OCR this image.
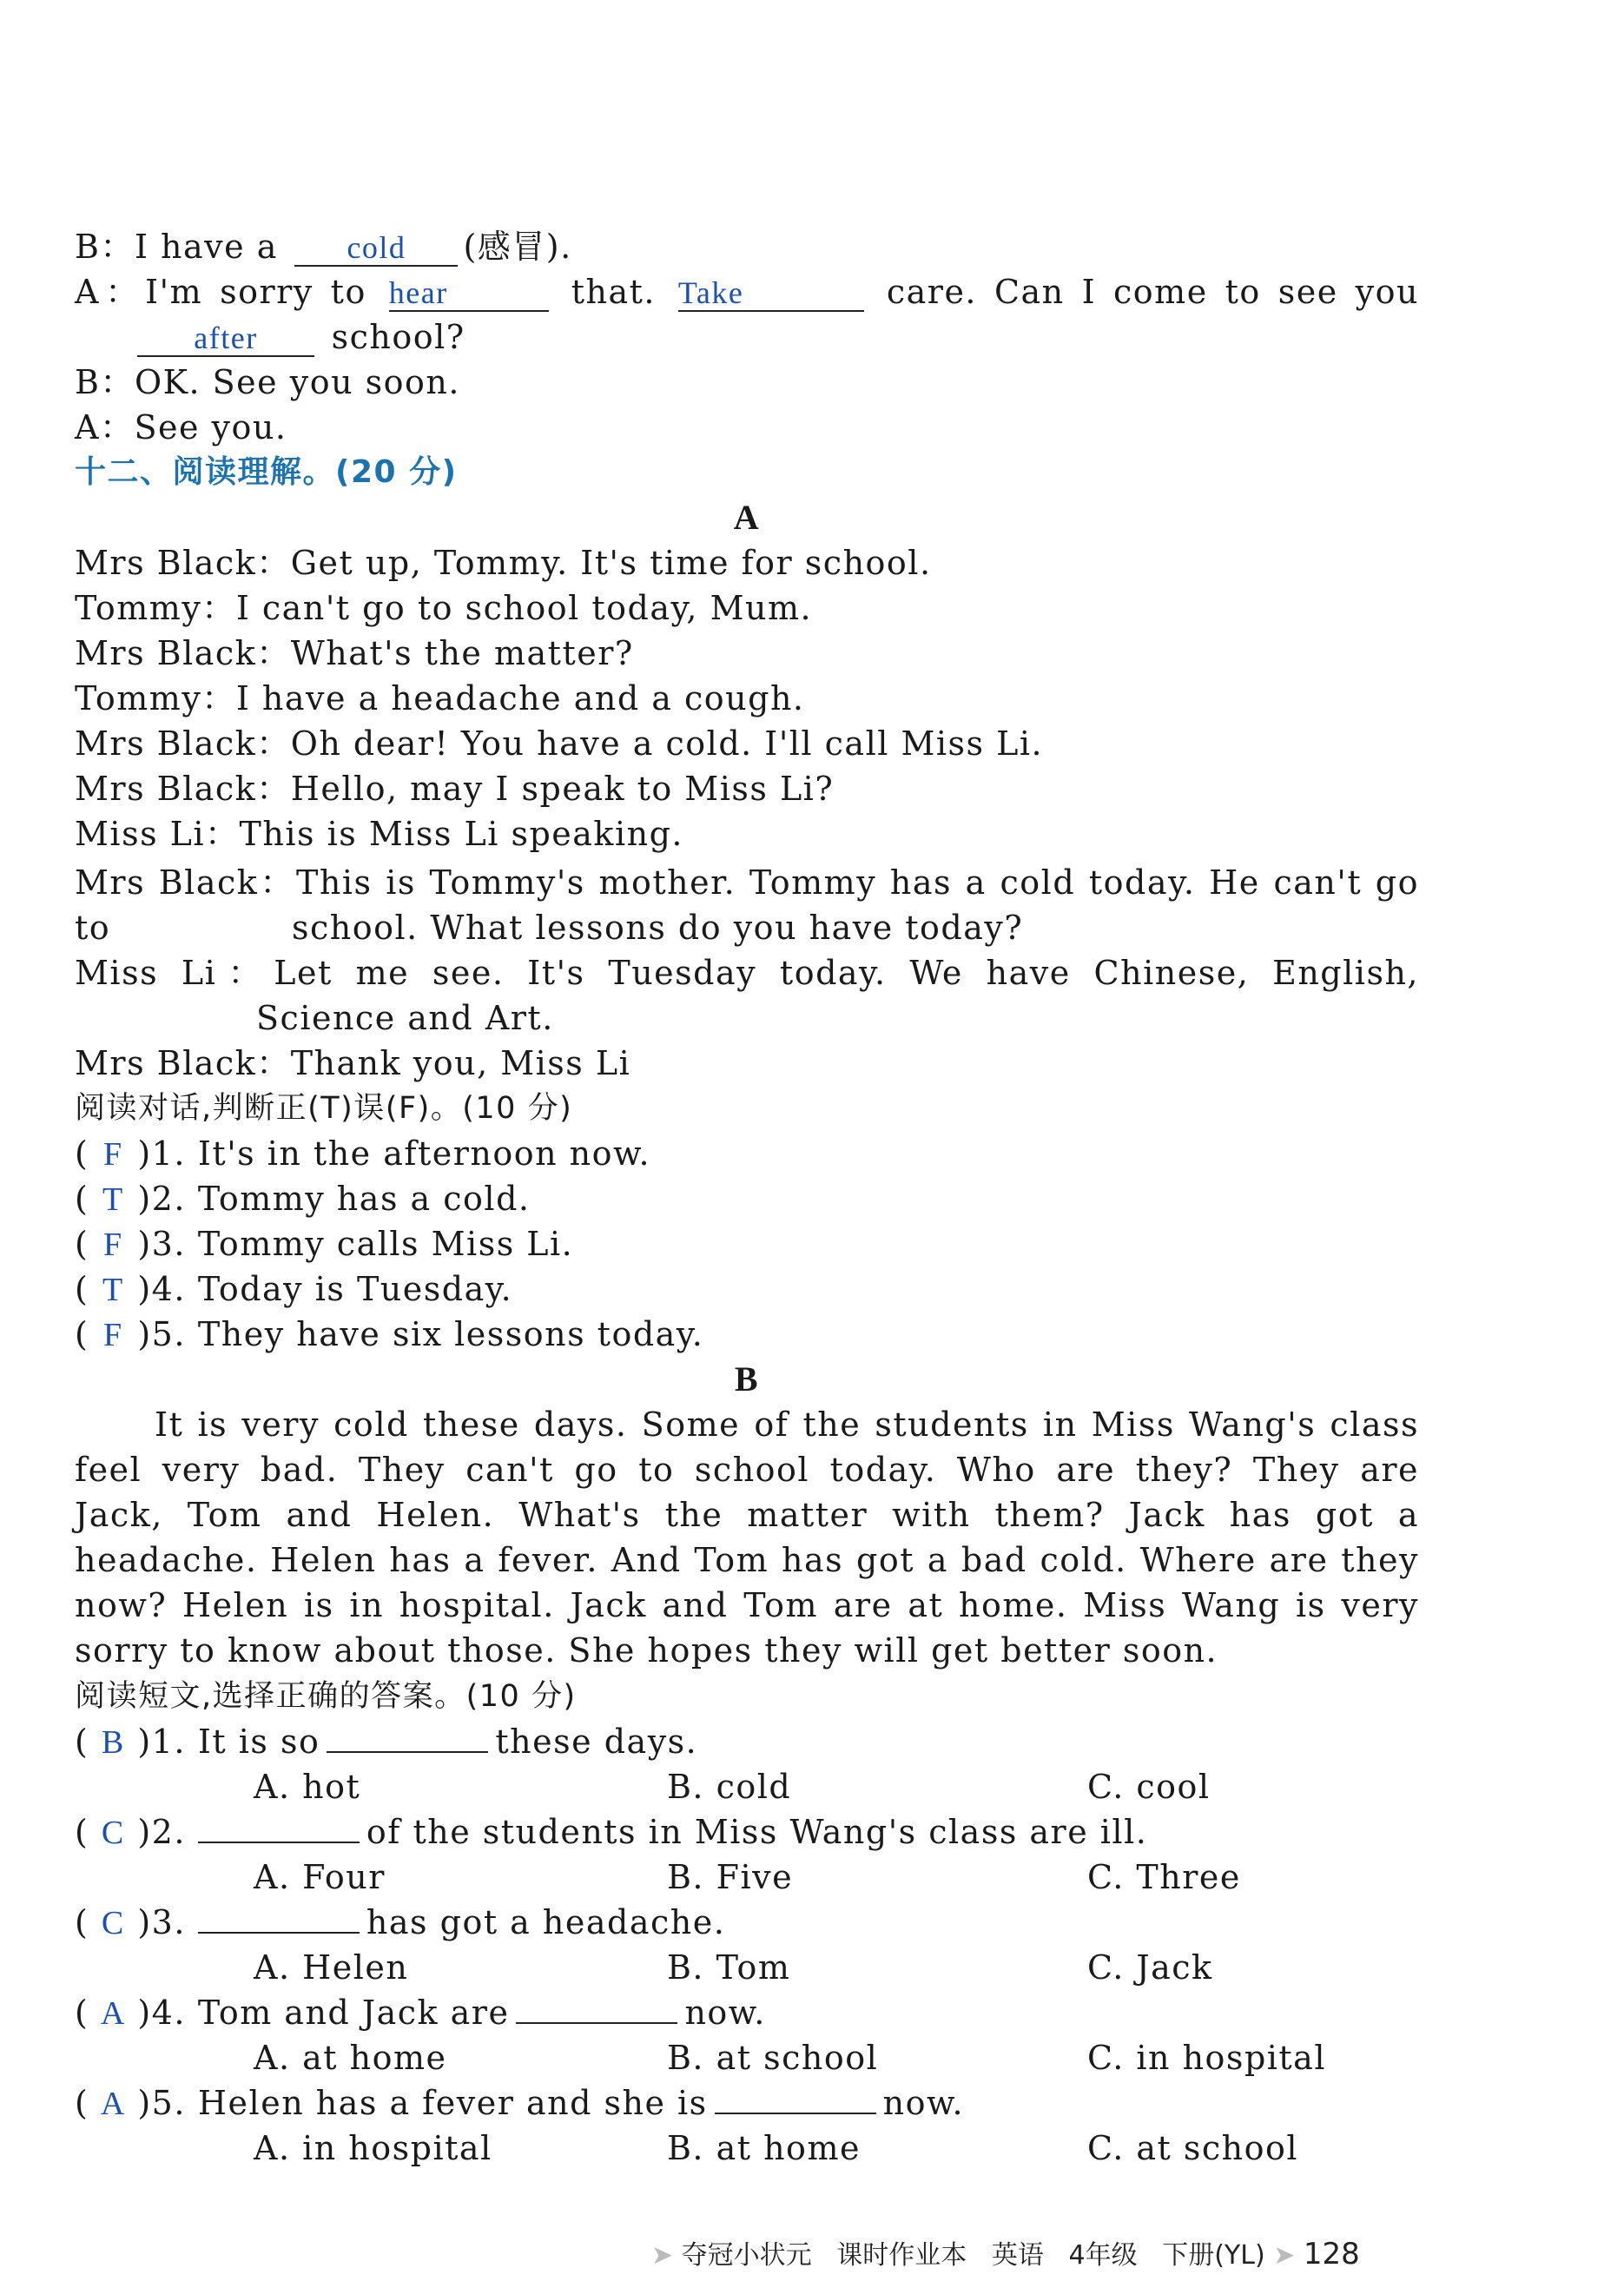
B：I have a cold (感冒).
A：I'm sorry to hear	that. Take	care. Can I come to see you
after school?
B：OK. See you soon.
A：See you.
十二、阅读理解。(20 分)
A
Mrs Black：Get up, Tommy. It's time for school.
Tommy：I can't go to school today, Mum.
Mrs Black：What's the matter?
Tommy：I have a headache and a cough.
Mrs Black：Oh dear! You have a cold. I'll call Miss Li.
Mrs Black：Hello, may I speak to Miss Li?
Miss Li：This is Miss Li speaking.
Mrs Black：This is Tommy's mother. Tommy has a cold today. He can't go to	school. What lessons do you have today?
Miss Li：Let me see. It's Tuesday today. We have Chinese, English,
Science and Art.
Mrs Black：Thank you, Miss Li
阅读对话,判断正(T)误(F)。(10 分)
( F )1. It's in the afternoon now.
( T )2. Tommy has a cold.
( F )3. Tommy calls Miss Li.
( T )4. Today is Tuesday.
( F )5. They have six lessons today.
B
It is very cold these days. Some of the students in Miss Wang's class
feel very bad. They can't go to school today. Who are they? They are
Jack, Tom and Helen. What's the matter with them? Jack has got a
headache. Helen has a fever. And Tom has got a bad cold. Where are they
now? Helen is in hospital. Jack and Tom are at home. Miss Wang is very
sorry to know about those. She hopes they will get better soon.
阅读短文,选择正确的答案。(10 分)
( B )1. It is so	these days.
A. hot	B. cold	C. cool
( C )2.	of the students in Miss Wang's class are ill.
A. Four	B. Five	C. Three
( C )3.	has got a headache.
A. Helen	B. Tom	C. Jack
( A )4. Tom and Jack are	now.
A. at home	B. at school	C. in hospital
( A )5. Helen has a fever and she is	now.
A. in hospital	B. at home	C. at school
➤ 夺冠小状元 课时作业本 英语 4年级 下册(YL) ➤ 128
